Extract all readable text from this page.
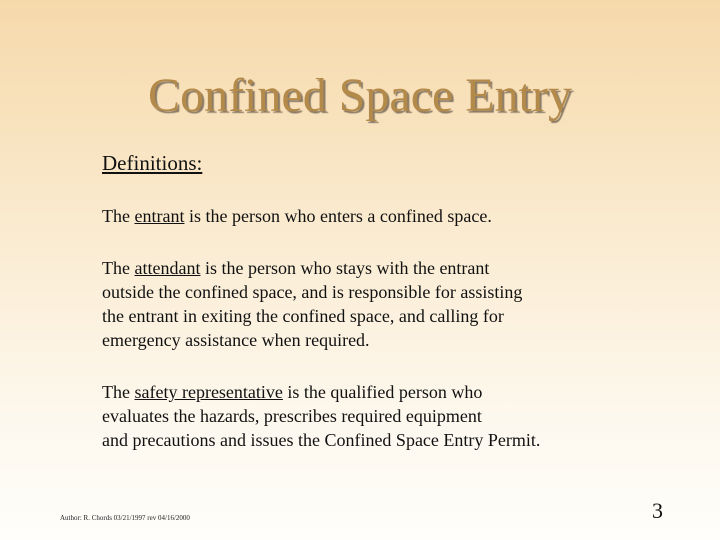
Confined Space Entry
Definitions:

The entrant is the person who enters a confined space.

The attendant is the person who stays with the entrant
outside the confined space, and is responsible for assisting
the entrant in exiting the confined space, and calling for
emergency assistance when required.

The safety representative is the qualified person who
evaluates the hazards, prescribes required equipment
and precautions and issues the Confined Space Entry Permit.

Author: R. Chords 03/21/1997 rev 04/16/2000	3
